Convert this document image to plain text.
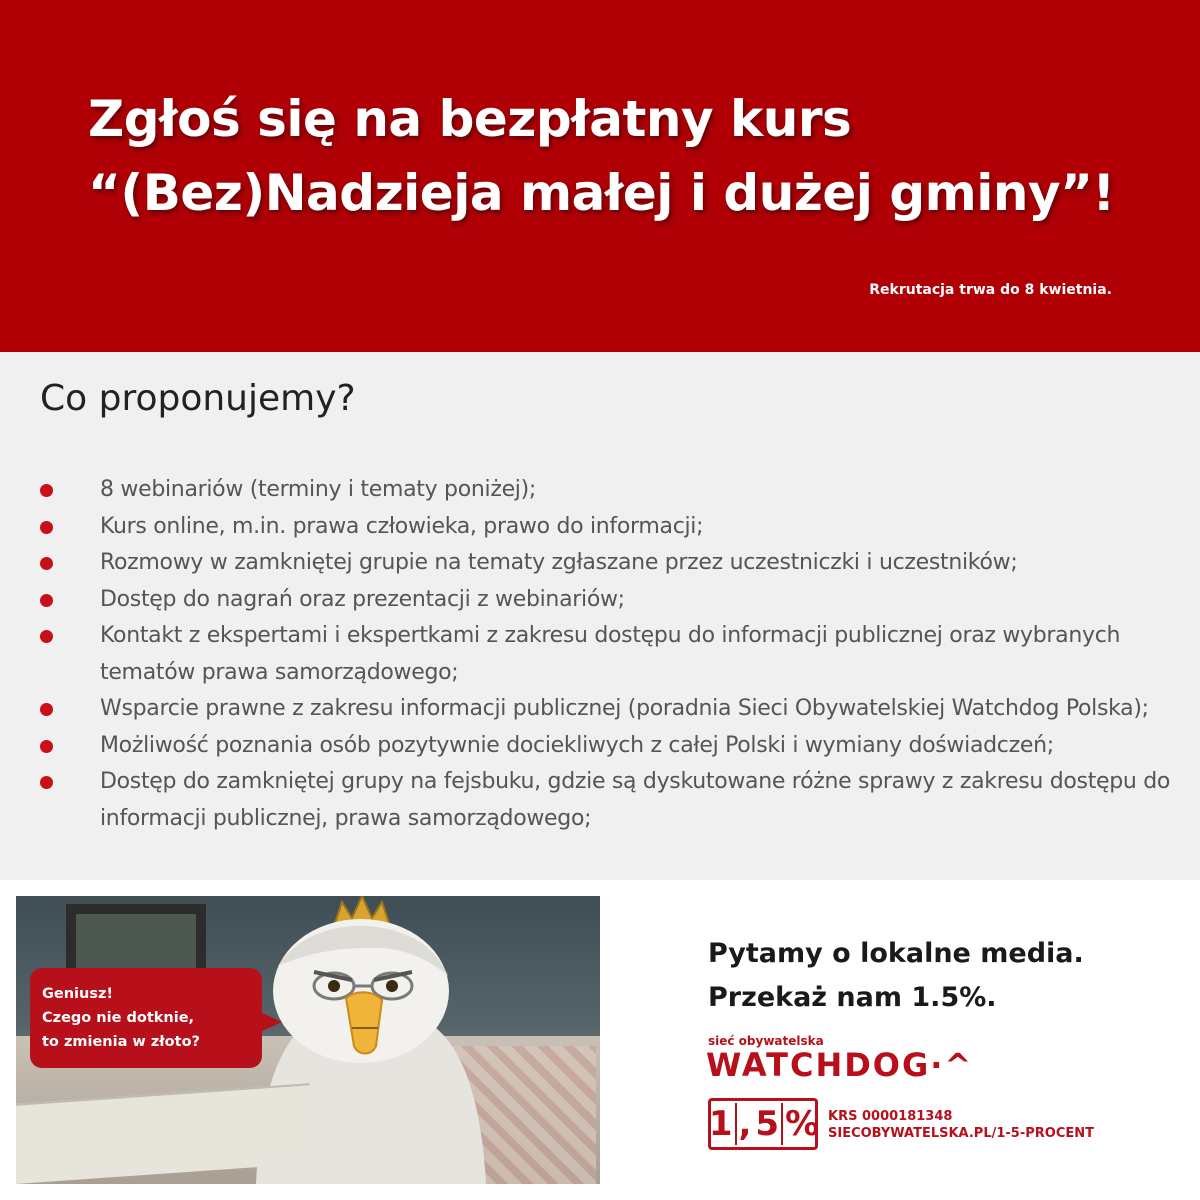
Zgłoś się na bezpłatny kurs
“(Bez)Nadzieja małej i dużej gminy”!
Rekrutacja trwa do 8 kwietnia.
Co proponujemy?
8 webinariów (terminy i tematy poniżej);
Kurs online, m.in. prawa człowieka, prawo do informacji;
Rozmowy w zamkniętej grupie na tematy zgłaszane przez uczestniczki i uczestników;
Dostęp do nagrań oraz prezentacji z webinariów;
Kontakt z ekspertami i ekspertkami z zakresu dostępu do informacji publicznej oraz wybranych tematów prawa samorządowego;
Wsparcie prawne z zakresu informacji publicznej (poradnia Sieci Obywatelskiej Watchdog Polska);
Możliwość poznania osób pozytywnie dociekliwych z całej Polski i wymiany doświadczeń;
Dostęp do zamkniętej grupy na fejsbuku, gdzie są dyskutowane różne sprawy z zakresu dostępu do informacji publicznej, prawa samorządowego;
Geniusz!
Czego nie dotknie,
to zmienia w złoto?
Pytamy o lokalne media.
Przekaż nam 1.5%.
sieć obywatelska
WATCHDOG·^
1 , 5 % KRS 0000181348
SIECOBYWATELSKA.PL/1-5-PROCENT
